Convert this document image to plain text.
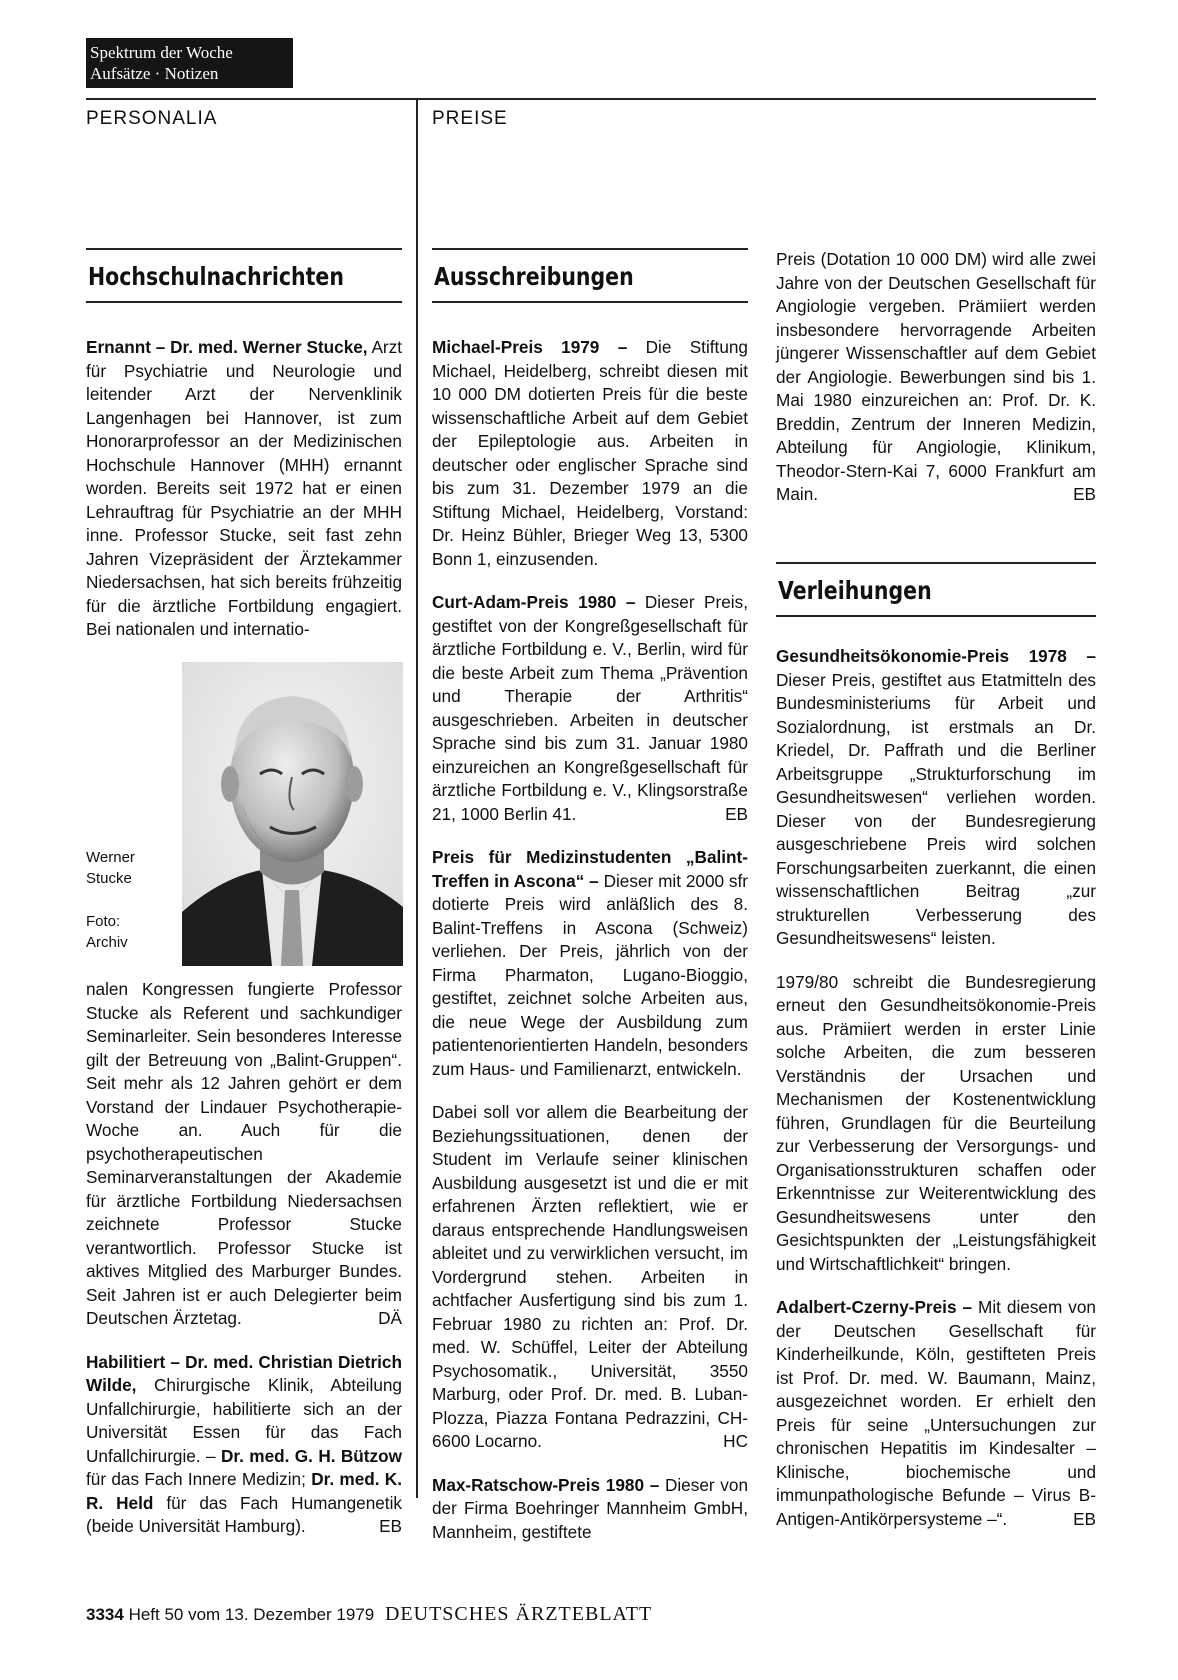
Spektrum der Woche
Aufsätze · Notizen
PERSONALIA	PREISE
Hochschulnachrichten

Ernannt – Dr. med. Werner Stucke, Arzt für Psychiatrie und Neurologie und leitender Arzt der Nervenklinik Langenhagen bei Hannover, ist zum Honorarprofessor an der Medizinischen Hochschule Hannover (MHH) ernannt worden. Bereits seit 1972 hat er einen Lehrauftrag für Psychiatrie an der MHH inne. Professor Stucke, seit fast zehn Jahren Vizepräsident der Ärztekammer Niedersachsen, hat sich bereits frühzeitig für die ärztliche Fortbildung engagiert. Bei nationalen und internatio-

Werner Stucke
Foto: Archiv

nalen Kongressen fungierte Professor Stucke als Referent und sachkundiger Seminarleiter. Sein besonderes Interesse gilt der Betreuung von „Balint-Gruppen“. Seit mehr als 12 Jahren gehört er dem Vorstand der Lindauer Psychotherapie-Woche an. Auch für die psychotherapeutischen Seminarveranstaltungen der Akademie für ärztliche Fortbildung Niedersachsen zeichnete Professor Stucke verantwortlich. Professor Stucke ist aktives Mitglied des Marburger Bundes. Seit Jahren ist er auch Delegierter beim Deutschen Ärztetag.	DÄ

Habilitiert – Dr. med. Christian Dietrich Wilde, Chirurgische Klinik, Abteilung Unfallchirurgie, habilitierte sich an der Universität Essen für das Fach Unfallchirurgie. – Dr. med. G. H. Bützow für das Fach Innere Medizin; Dr. med. K. R. Held für das Fach Humangenetik (beide Universität Hamburg).	EB

Ausschreibungen

Michael-Preis 1979 – Die Stiftung Michael, Heidelberg, schreibt diesen mit 10 000 DM dotierten Preis für die beste wissenschaftliche Arbeit auf dem Gebiet der Epileptologie aus. Arbeiten in deutscher oder englischer Sprache sind bis zum 31. Dezember 1979 an die Stiftung Michael, Heidelberg, Vorstand: Dr. Heinz Bühler, Brieger Weg 13, 5300 Bonn 1, einzusenden.

Curt-Adam-Preis 1980 – Dieser Preis, gestiftet von der Kongreßgesellschaft für ärztliche Fortbildung e. V., Berlin, wird für die beste Arbeit zum Thema „Prävention und Therapie der Arthritis“ ausgeschrieben. Arbeiten in deutscher Sprache sind bis zum 31. Januar 1980 einzureichen an Kongreßgesellschaft für ärztliche Fortbildung e. V., Klingsorstraße 21, 1000 Berlin 41.	EB

Preis für Medizinstudenten „Balint-Treffen in Ascona“ – Dieser mit 2000 sfr dotierte Preis wird anläßlich des 8. Balint-Treffens in Ascona (Schweiz) verliehen. Der Preis, jährlich von der Firma Pharmaton, Lugano-Bioggio, gestiftet, zeichnet solche Arbeiten aus, die neue Wege der Ausbildung zum patientenorientierten Handeln, besonders zum Haus- und Familienarzt, entwickeln.

Dabei soll vor allem die Bearbeitung der Beziehungssituationen, denen der Student im Verlaufe seiner klinischen Ausbildung ausgesetzt ist und die er mit erfahrenen Ärzten reflektiert, wie er daraus entsprechende Handlungsweisen ableitet und zu verwirklichen versucht, im Vordergrund stehen. Arbeiten in achtfacher Ausfertigung sind bis zum 1. Februar 1980 zu richten an: Prof. Dr. med. W. Schüffel, Leiter der Abteilung Psychosomatik., Universität, 3550 Marburg, oder Prof. Dr. med. B. Luban-Plozza, Piazza Fontana Pedrazzini, CH-6600 Locarno.	HC

Max-Ratschow-Preis 1980 – Dieser von der Firma Boehringer Mannheim GmbH, Mannheim, gestiftete

Preis (Dotation 10 000 DM) wird alle zwei Jahre von der Deutschen Gesellschaft für Angiologie vergeben. Prämiiert werden insbesondere hervorragende Arbeiten jüngerer Wissenschaftler auf dem Gebiet der Angiologie. Bewerbungen sind bis 1. Mai 1980 einzureichen an: Prof. Dr. K. Breddin, Zentrum der Inneren Medizin, Abteilung für Angiologie, Klinikum, Theodor-Stern-Kai 7, 6000 Frankfurt am Main.	EB

Verleihungen

Gesundheitsökonomie-Preis 1978 – Dieser Preis, gestiftet aus Etatmitteln des Bundesministeriums für Arbeit und Sozialordnung, ist erstmals an Dr. Kriedel, Dr. Paffrath und die Berliner Arbeitsgruppe „Strukturforschung im Gesundheitswesen“ verliehen worden. Dieser von der Bundesregierung ausgeschriebene Preis wird solchen Forschungsarbeiten zuerkannt, die einen wissenschaftlichen Beitrag „zur strukturellen Verbesserung des Gesundheitswesens“ leisten.

1979/80 schreibt die Bundesregierung erneut den Gesundheitsökonomie-Preis aus. Prämiiert werden in erster Linie solche Arbeiten, die zum besseren Verständnis der Ursachen und Mechanismen der Kostenentwicklung führen, Grundlagen für die Beurteilung zur Verbesserung der Versorgungs- und Organisationsstrukturen schaffen oder Erkenntnisse zur Weiterentwicklung des Gesundheitswesens unter den Gesichtspunkten der „Leistungsfähigkeit und Wirtschaftlichkeit“ bringen.

Adalbert-Czerny-Preis – Mit diesem von der Deutschen Gesellschaft für Kinderheilkunde, Köln, gestifteten Preis ist Prof. Dr. med. W. Baumann, Mainz, ausgezeichnet worden. Er erhielt den Preis für seine „Untersuchungen zur chronischen Hepatitis im Kindesalter – Klinische, biochemische und immunpathologische Befunde – Virus B-Antigen-Antikörpersysteme –“.	EB

3334 Heft 50 vom 13. Dezember 1979 DEUTSCHES ÄRZTEBLATT
